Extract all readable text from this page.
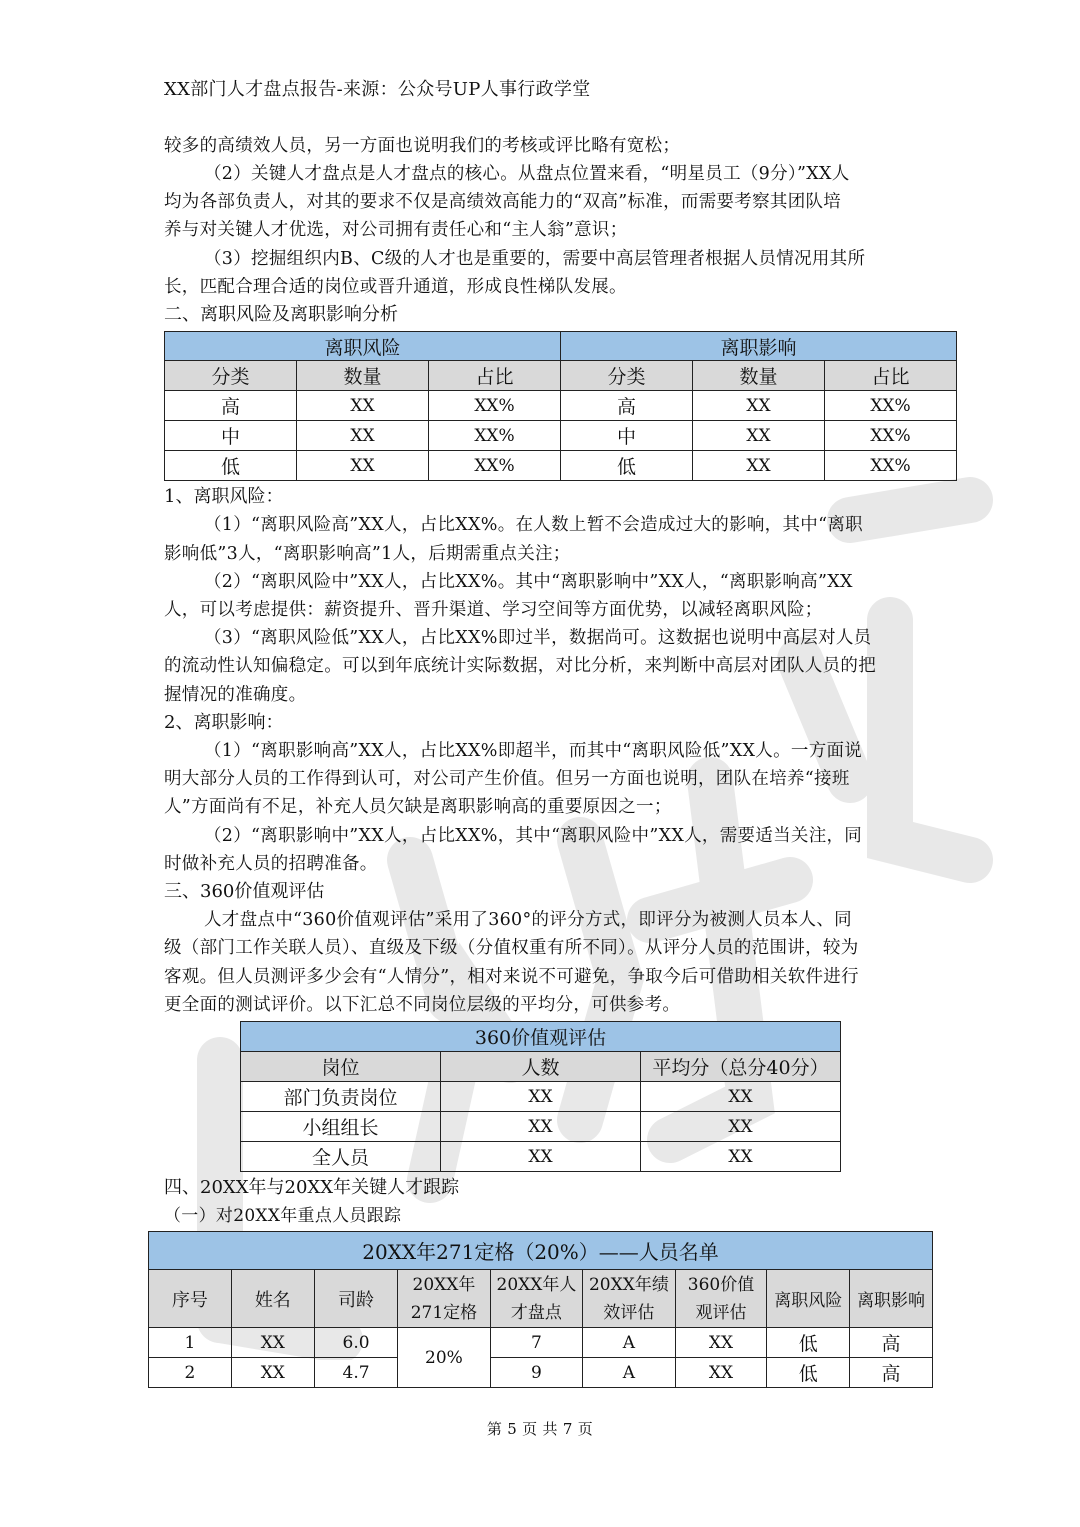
XX部门人才盘点报告-来源：公众号UP人事行政学堂
较多的高绩效人员，另一方面也说明我们的考核或评比略有宽松；
（2）关键人才盘点是人才盘点的核心。从盘点位置来看，“明星员工（9分）”XX人
均为各部负责人，对其的要求不仅是高绩效高能力的“双高”标准，而需要考察其团队培
养与对关键人才优选，对公司拥有责任心和“主人翁”意识；
（3）挖掘组织内B、C级的人才也是重要的，需要中高层管理者根据人员情况用其所
长，匹配合理合适的岗位或晋升通道，形成良性梯队发展。
二、离职风险及离职影响分析
离职风险			离职影响		
分类	数量	占比	分类	数量	占比
高	XX	XX%	高	XX	XX%
中	XX	XX%	中	XX	XX%
低	XX	XX%	低	XX	XX%
1、离职风险：
（1）“离职风险高”XX人，占比XX%。在人数上暂不会造成过大的影响，其中“离职
影响低”3人，“离职影响高”1人，后期需重点关注；
（2）“离职风险中”XX人，占比XX%。其中“离职影响中”XX人，“离职影响高”XX
人，可以考虑提供：薪资提升、晋升渠道、学习空间等方面优势，以减轻离职风险；
（3）“离职风险低”XX人，占比XX%即过半，数据尚可。这数据也说明中高层对人员
的流动性认知偏稳定。可以到年底统计实际数据，对比分析，来判断中高层对团队人员的把
握情况的准确度。
2、离职影响：
（1）“离职影响高”XX人，占比XX%即超半，而其中“离职风险低”XX人。一方面说
明大部分人员的工作得到认可，对公司产生价值。但另一方面也说明，团队在培养“接班
人”方面尚有不足，补充人员欠缺是离职影响高的重要原因之一；
（2）“离职影响中”XX人，占比XX%，其中“离职风险中”XX人，需要适当关注，同
时做补充人员的招聘准备。
三、360价值观评估
人才盘点中“360价值观评估”采用了360°的评分方式，即评分为被测人员本人、同
级（部门工作关联人员）、直级及下级（分值权重有所不同）。从评分人员的范围讲，较为
客观。但人员测评多少会有“人情分”，相对来说不可避免，争取今后可借助相关软件进行
更全面的测试评价。以下汇总不同岗位层级的平均分，可供参考。
360价值观评估		
岗位	人数	平均分（总分40分）
部门负责岗位	XX	XX
小组组长	XX	XX
全人员	XX	XX
四、20XX年与20XX年关键人才跟踪
（一）对20XX年重点人员跟踪
20XX年271定格（20%）——人员名单								
序号	姓名	司龄	20XX年271定格	20XX年人才盘点	20XX年绩效评估	360价值观评估	离职风险	离职影响
1	XX	6.0	20%	7	A	XX	低	高
2	XX	4.7		9	A	XX	低	高
第 5 页 共 7 页
